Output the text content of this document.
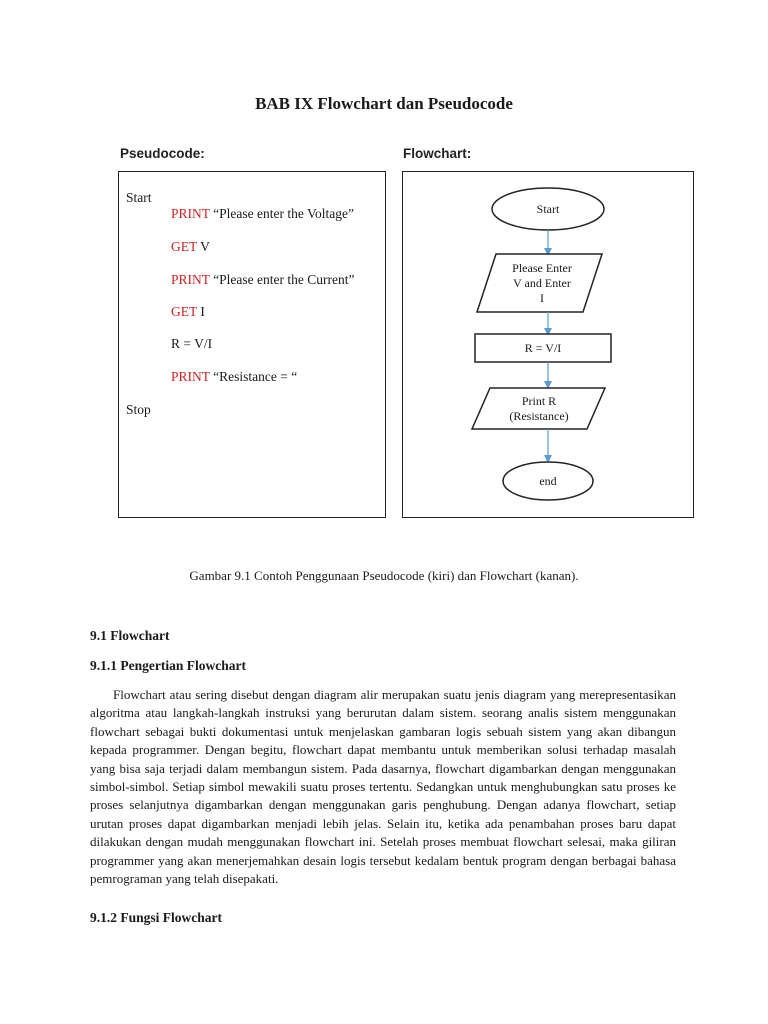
BAB IX Flowchart dan Pseudocode
Pseudocode:	Flowchart:
Start
PRINT “Please enter the Voltage”
GET V
PRINT “Please enter the Current”
GET I
R = V/I
PRINT “Resistance = “
Stop
Start
Please Enter
V and Enter
I
R = V/I
Print R
(Resistance)
end
Gambar 9.1 Contoh Penggunaan Pseudocode (kiri) dan Flowchart (kanan).
9.1 Flowchart
9.1.1 Pengertian Flowchart
Flowchart atau sering disebut dengan diagram alir merupakan suatu jenis diagram yang merepresentasikan algoritma atau langkah-langkah instruksi yang berurutan dalam sistem. seorang analis sistem menggunakan flowchart sebagai bukti dokumentasi untuk menjelaskan gambaran logis sebuah sistem yang akan dibangun kepada programmer. Dengan begitu, flowchart dapat membantu untuk memberikan solusi terhadap masalah yang bisa saja terjadi dalam membangun sistem. Pada dasarnya, flowchart digambarkan dengan menggunakan simbol-simbol. Setiap simbol mewakili suatu proses tertentu. Sedangkan untuk menghubungkan satu proses ke proses selanjutnya digambarkan dengan menggunakan garis penghubung. Dengan adanya flowchart, setiap urutan proses dapat digambarkan menjadi lebih jelas. Selain itu, ketika ada penambahan proses baru dapat dilakukan dengan mudah menggunakan flowchart ini. Setelah proses membuat flowchart selesai, maka giliran programmer yang akan menerjemahkan desain logis tersebut kedalam bentuk program dengan berbagai bahasa pemrograman yang telah disepakati.
9.1.2 Fungsi Flowchart
